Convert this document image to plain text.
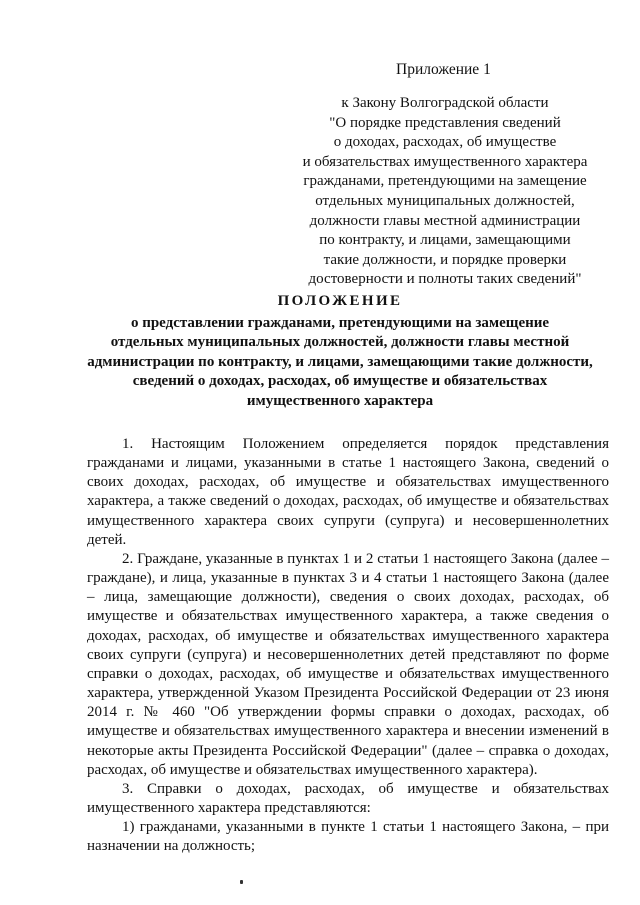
Приложение 1
к Закону Волгоградской области
"О порядке представления сведений
о доходах, расходах, об имуществе
и обязательствах имущественного характера
гражданами, претендующими на замещение
отдельных муниципальных должностей,
должности главы местной администрации
по контракту, и лицами, замещающими
такие должности, и порядке проверки
достоверности и полноты таких сведений"
ПОЛОЖЕНИЕ
о представлении гражданами, претендующими на замещение
отдельных муниципальных должностей, должности главы местной
администрации по контракту, и лицами, замещающими такие должности,
сведений о доходах, расходах, об имуществе и обязательствах
имущественного характера

1. Настоящим Положением определяется порядок представления гражданами и лицами, указанными в статье 1 настоящего Закона, сведений о своих доходах, расходах, об имуществе и обязательствах имущественного характера, а также сведений о доходах, расходах, об имуществе и обязательствах имущественного характера своих супруги (супруга) и несовершеннолетних детей.

2. Граждане, указанные в пунктах 1 и 2 статьи 1 настоящего Закона (далее – граждане), и лица, указанные в пунктах 3 и 4 статьи 1 настоящего Закона (далее – лица, замещающие должности), сведения о своих доходах, расходах, об имуществе и обязательствах имущественного характера, а также сведения о доходах, расходах, об имуществе и обязательствах имущественного характера своих супруги (супруга) и несовершеннолетних детей представляют по форме справки о доходах, расходах, об имуществе и обязательствах имущественного характера, утвержденной Указом Президента Российской Федерации от 23 июня 2014 г. № 460 "Об утверждении формы справки о доходах, расходах, об имуществе и обязательствах имущественного характера и внесении изменений в некоторые акты Президента Российской Федерации" (далее – справка о доходах, расходах, об имуществе и обязательствах имущественного характера).

3. Справки о доходах, расходах, об имуществе и обязательствах имущественного характера представляются:

1) гражданами, указанными в пункте 1 статьи 1 настоящего Закона, – при назначении на должность;
